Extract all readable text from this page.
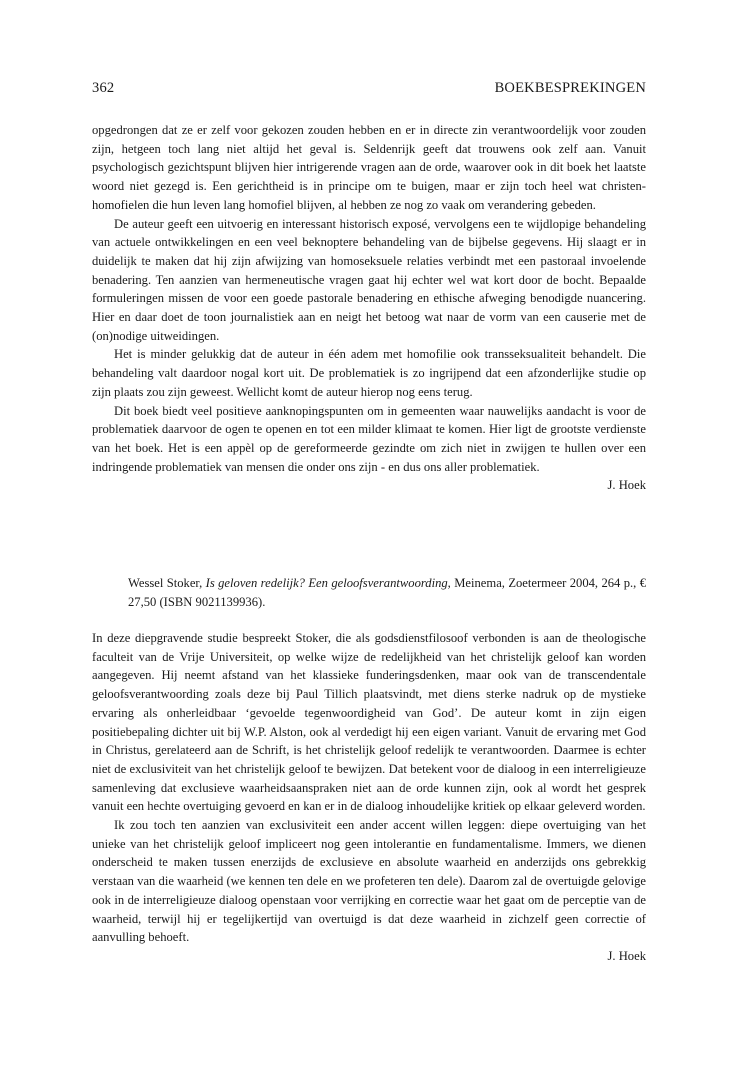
362	BOEKBESPREKINGEN

opgedrongen dat ze er zelf voor gekozen zouden hebben en er in directe zin verantwoordelijk voor zouden zijn, hetgeen toch lang niet altijd het geval is. Seldenrijk geeft dat trouwens ook zelf aan. Vanuit psychologisch gezichtspunt blijven hier intrigerende vragen aan de orde, waarover ook in dit boek het laatste woord niet gezegd is. Een gerichtheid is in principe om te buigen, maar er zijn toch heel wat christen-homofielen die hun leven lang homofiel blijven, al hebben ze nog zo vaak om verandering gebeden.

De auteur geeft een uitvoerig en interessant historisch exposé, vervolgens een te wijdlopige behandeling van actuele ontwikkelingen en een veel beknoptere behandeling van de bijbelse gegevens. Hij slaagt er in duidelijk te maken dat hij zijn afwijzing van homoseksuele relaties verbindt met een pastoraal invoelende benadering. Ten aanzien van hermeneutische vragen gaat hij echter wel wat kort door de bocht. Bepaalde formuleringen missen de voor een goede pastorale benadering en ethische afweging benodigde nuancering. Hier en daar doet de toon journalistiek aan en neigt het betoog wat naar de vorm van een causerie met de (on)nodige uitweidingen.

Het is minder gelukkig dat de auteur in één adem met homofilie ook transseksualiteit behandelt. Die behandeling valt daardoor nogal kort uit. De problematiek is zo ingrijpend dat een afzonderlijke studie op zijn plaats zou zijn geweest. Wellicht komt de auteur hierop nog eens terug.

Dit boek biedt veel positieve aanknopingspunten om in gemeenten waar nauwelijks aandacht is voor de problematiek daarvoor de ogen te openen en tot een milder klimaat te komen. Hier ligt de grootste verdienste van het boek. Het is een appèl op de gereformeerde gezindte om zich niet in zwijgen te hullen over een indringende problematiek van mensen die onder ons zijn - en dus ons aller problematiek.

J. Hoek

Wessel Stoker, Is geloven redelijk? Een geloofsverantwoording, Meinema, Zoetermeer 2004, 264 p., € 27,50 (ISBN 9021139936).

In deze diepgravende studie bespreekt Stoker, die als godsdienstfilosoof verbonden is aan de theologische faculteit van de Vrije Universiteit, op welke wijze de redelijkheid van het christelijk geloof kan worden aangegeven. Hij neemt afstand van het klassieke funderingsdenken, maar ook van de transcendentale geloofsverantwoording zoals deze bij Paul Tillich plaatsvindt, met diens sterke nadruk op de mystieke ervaring als onherleidbaar ‘gevoelde tegenwoordigheid van God’. De auteur komt in zijn eigen positiebepaling dichter uit bij W.P. Alston, ook al verdedigt hij een eigen variant. Vanuit de ervaring met God in Christus, gerelateerd aan de Schrift, is het christelijk geloof redelijk te verantwoorden. Daarmee is echter niet de exclusiviteit van het christelijk geloof te bewijzen. Dat betekent voor de dialoog in een interreligieuze samenleving dat exclusieve waarheidsaanspraken niet aan de orde kunnen zijn, ook al wordt het gesprek vanuit een hechte overtuiging gevoerd en kan er in de dialoog inhoudelijke kritiek op elkaar geleverd worden.

Ik zou toch ten aanzien van exclusiviteit een ander accent willen leggen: diepe overtuiging van het unieke van het christelijk geloof impliceert nog geen intolerantie en fundamentalisme. Immers, we dienen onderscheid te maken tussen enerzijds de exclusieve en absolute waarheid en anderzijds ons gebrekkig verstaan van die waarheid (we kennen ten dele en we profeteren ten dele). Daarom zal de overtuigde gelovige ook in de interreligieuze dialoog openstaan voor verrijking en correctie waar het gaat om de perceptie van de waarheid, terwijl hij er tegelijkertijd van overtuigd is dat deze waarheid in zichzelf geen correctie of aanvulling behoeft.

J. Hoek
